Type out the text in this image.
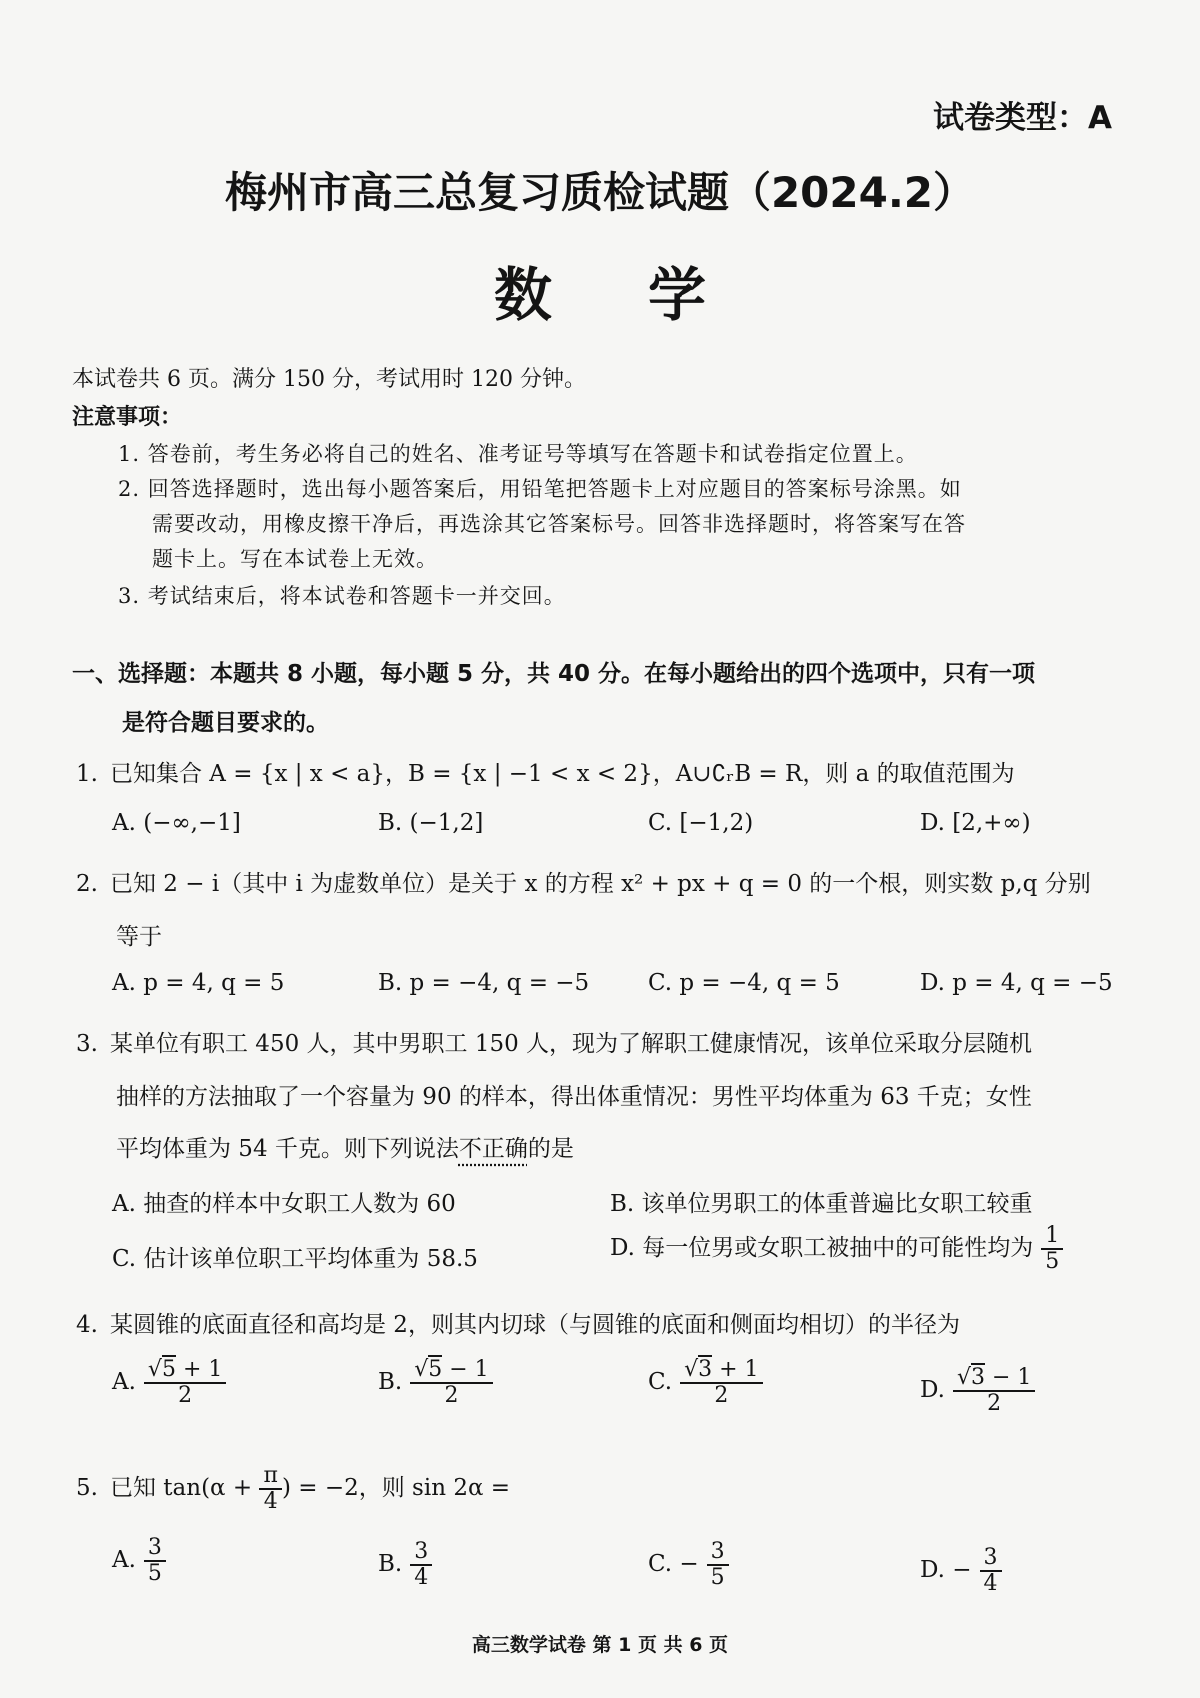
试卷类型：A
梅州市高三总复习质检试题（2024.2）
数学
本试卷共 6 页。满分 150 分，考试用时 120 分钟。
注意事项：
1. 答卷前，考生务必将自己的姓名、准考证号等填写在答题卡和试卷指定位置上。
2. 回答选择题时，选出每小题答案后，用铅笔把答题卡上对应题目的答案标号涂黑。如
需要改动，用橡皮擦干净后，再选涂其它答案标号。回答非选择题时，将答案写在答
题卡上。写在本试卷上无效。
3. 考试结束后，将本试卷和答题卡一并交回。
一、选择题：本题共 8 小题，每小题 5 分，共 40 分。在每小题给出的四个选项中，只有一项
是符合题目要求的。
1. 已知集合 A = {x | x < a}，B = {x | −1 < x < 2}，A∪∁ᵣB = R，则 a 的取值范围为
A. (−∞,−1]	B. (−1,2]	C. [−1,2)	D. [2,+∞)
2. 已知 2 − i（其中 i 为虚数单位）是关于 x 的方程 x² + px + q = 0 的一个根，则实数 p,q 分别
等于
A. p = 4, q = 5	B. p = −4, q = −5	C. p = −4, q = 5	D. p = 4, q = −5
3. 某单位有职工 450 人，其中男职工 150 人，现为了解职工健康情况，该单位采取分层随机
抽样的方法抽取了一个容量为 90 的样本，得出体重情况：男性平均体重为 63 千克；女性
平均体重为 54 千克。则下列说法不正确的是
A. 抽查的样本中女职工人数为 60	B. 该单位男职工的体重普遍比女职工较重
C. 估计该单位职工平均体重为 58.5	D. 每一位男或女职工被抽中的可能性均为 $\frac{1}{5}$
4. 某圆锥的底面直径和高均是 2，则其内切球（与圆锥的底面和侧面均相切）的半径为
A. $\frac{√5 + 1}{2}$	B. $\frac{√5 - 1}{2}$	C. $\frac{√3 + 1}{2}$	D. $\frac{√3 - 1}{2}$
5. 已知 $\tan(\alpha + \frac{\pi}{4}$ ) = −2，则 sin 2α =
A. $\frac{3}{5}$	B. $\frac{3}{4}$	C. − $\frac{3}{5}$	D. − $\frac{3}{4}$
高三数学试卷 第 1 页 共 6 页
